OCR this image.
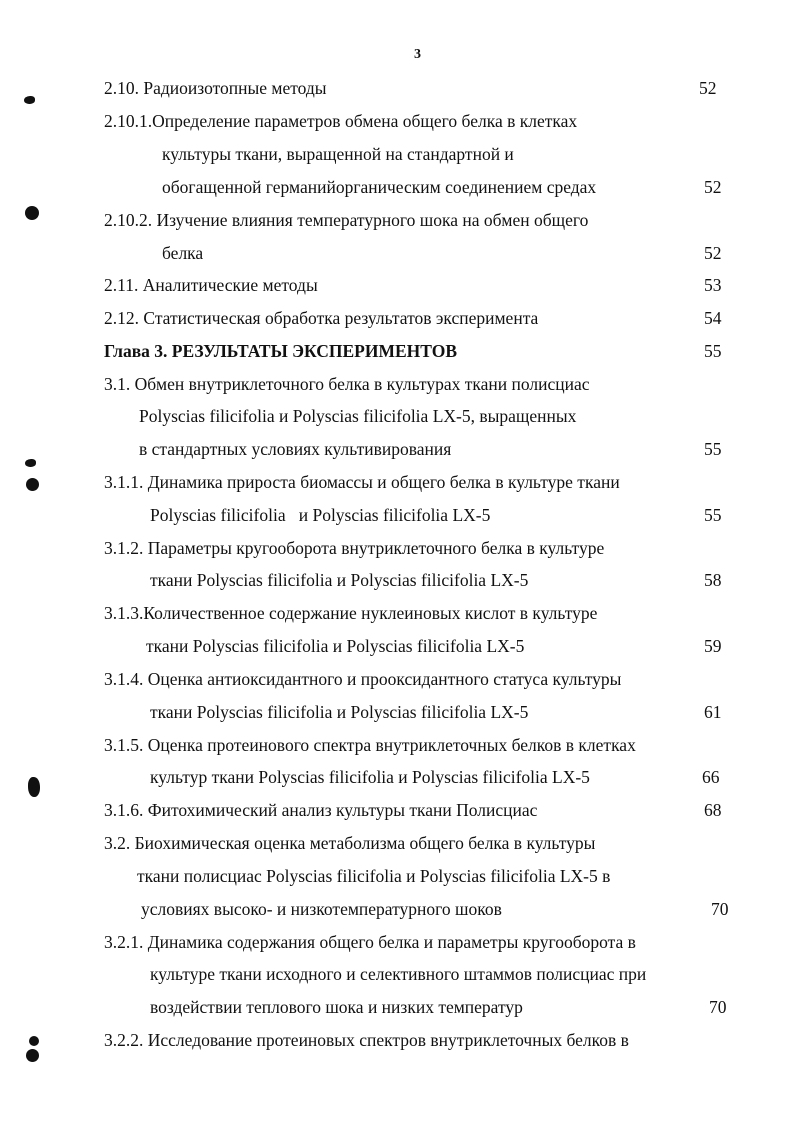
3
2.10. Радиоизотопные методы	52
2.10.1.Определение параметров обмена общего белка в клетках
культуры ткани, выращенной на стандартной и
обогащенной германийорганическим соединением средах	52
2.10.2. Изучение влияния температурного шока на обмен общего
белка	52
2.11. Аналитические методы	53
2.12. Статистическая обработка результатов эксперимента	54
Глава 3. РЕЗУЛЬТАТЫ ЭКСПЕРИМЕНТОВ	55
3.1. Обмен внутриклеточного белка в культурах ткани полисциас
Polyscias filicifolia и Polyscias filicifolia LX-5, выращенных
в стандартных условиях культивирования	55
3.1.1. Динамика прироста биомассы и общего белка в культуре ткани
Polyscias filicifolia   и Polyscias filicifolia LX-5	55
3.1.2. Параметры кругооборота внутриклеточного белка в культуре
ткани Polyscias filicifolia и Polyscias filicifolia LX-5	58
3.1.3.Количественное содержание нуклеиновых кислот в культуре
ткани Polyscias filicifolia и Polyscias filicifolia LX-5	59
3.1.4. Оценка антиоксидантного и прооксидантного статуса культуры
ткани Polyscias filicifolia и Polyscias filicifolia LX-5	61
3.1.5. Оценка протеинового спектра внутриклеточных белков в клетках
культур ткани Polyscias filicifolia и Polyscias filicifolia LX-5	66
3.1.6. Фитохимический анализ культуры ткани Полисциас	68
3.2. Биохимическая оценка метаболизма общего белка в культуры
ткани полисциас Polyscias filicifolia и Polyscias filicifolia LX-5 в
условиях высоко- и низкотемпературного шоков	70
3.2.1. Динамика содержания общего белка и параметры кругооборота в
культуре ткани исходного и селективного штаммов полисциас при
воздействии теплового шока и низких температур	70
3.2.2. Исследование протеиновых спектров внутриклеточных белков в
